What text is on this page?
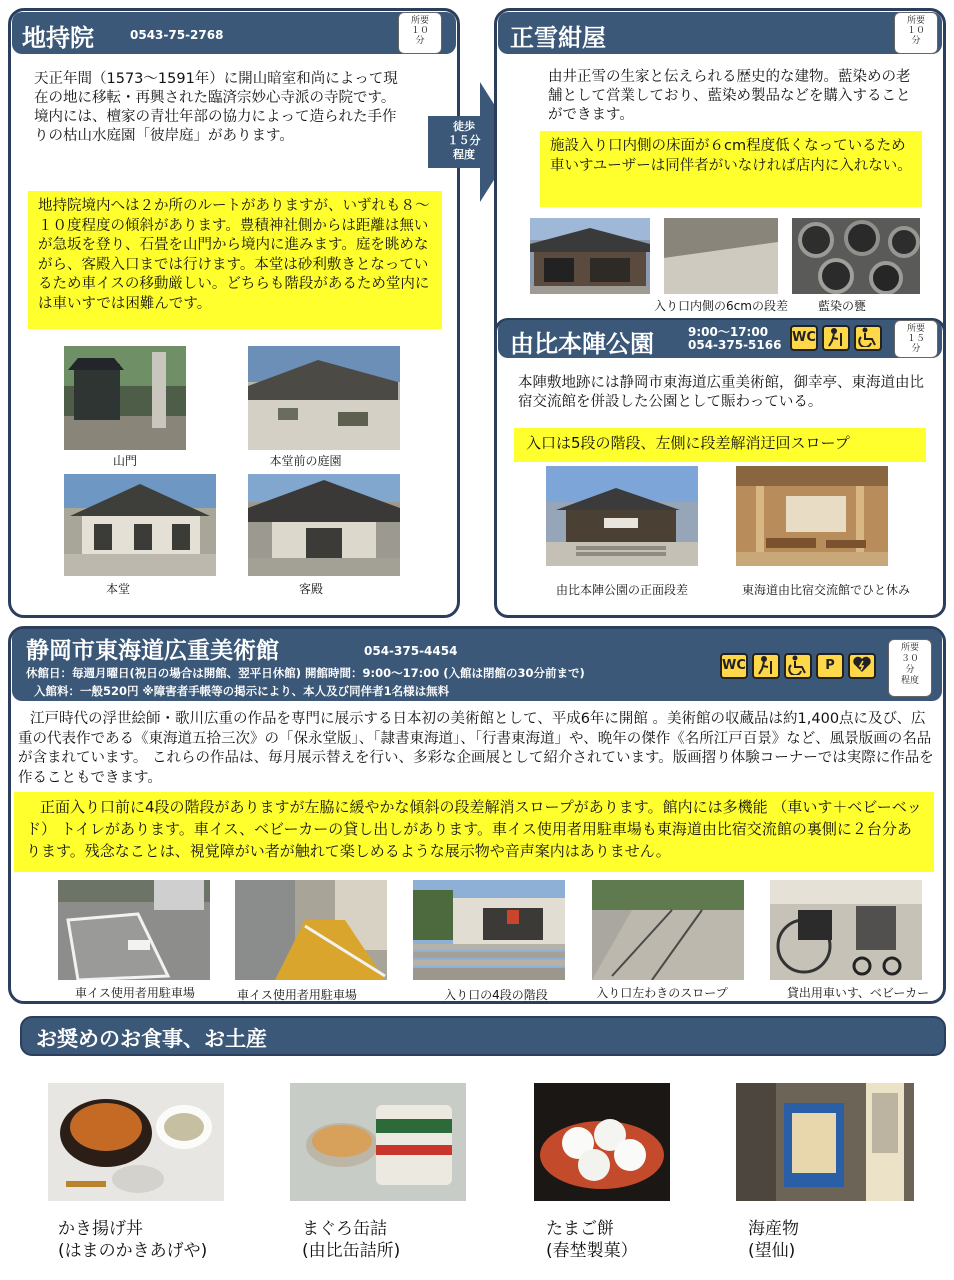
地持院	0543-75-2768
所要
１０
分
天正年間（1573～1591年）に開山暗室和尚によって現在の地に移転・再興された臨済宗妙心寺派の寺院です。境内には、檀家の青壮年部の協力によって造られた手作りの枯山水庭園「彼岸庭」があります。
地持院境内へは２か所のルートがありますが、いずれも８～１０度程度の傾斜があります。豊積神社側からは距離は無いが急坂を登り、石畳を山門から境内に進みます。庭を眺めながら、客殿入口までは行けます。本堂は砂利敷きとなっているため車イスの移動厳しい。どちらも階段があるため堂内には車いすでは困難んです。
山門	本堂前の庭園
本堂	客殿
徒歩
１５分
程度
正雪紺屋
所要
１０
分
由井正雪の生家と伝えられる歴史的な建物。藍染めの老舗として営業しており、藍染め製品などを購入することができます。
施設入り口内側の床面が６cm程度低くなっているため車いすユーザーは同伴者がいなければ店内に入れない。
入り口内側の6cmの段差	藍染の甕
由比本陣公園	9:00～17:00
054-375-5166 WC
所要
１５
分
本陣敷地跡には静岡市東海道広重美術館，御幸亭、東海道由比宿交流館を併設した公園として賑わっている。
入口は5段の階段、左側に段差解消迂回スロープ
由比本陣公園の正面段差	東海道由比宿交流館でひと休み
静岡市東海道広重美術館	054-375-4454
休館日：毎週月曜日(祝日の場合は開館、翌平日休館) 開館時間：9:00～17:00 (入館は閉館の30分前まで)
入館料：一般520円 ※障害者手帳等の掲示により、本人及び同伴者1名様は無料
WC	P
所要
３０
分
程度
江戸時代の浮世絵師・歌川広重の作品を専門に展示する日本初の美術館として、平成6年に開館 。美術館の収蔵品は約1,400点に及び、広重の代表作である《東海道五拾三次》の「保永堂版」、「隷書東海道」、「行書東海道」や、晩年の傑作《名所江戸百景》など、風景版画の名品が含まれています。 これらの作品は、毎月展示替えを行い、多彩な企画展として紹介されています。版画摺り体験コーナーでは実際に作品を作ることもできます。
正面入り口前に4段の階段がありますが左脇に緩やかな傾斜の段差解消スロープがあります。館内には多機能 （車いす＋ベビーベッド） トイレがあります。車イス、ベビーカーの貸し出しがあります。車イス使用者用駐車場も東海道由比宿交流館の裏側に２台分あります。残念なことは、視覚障がい者が触れて楽しめるような展示物や音声案内はありません。
車イス使用者用駐車場	車イス使用者用駐車場	入り口の4段の階段	入り口左わきのスロープ	貸出用車いす、ベビーカー
お奨めのお食事、お土産
かき揚げ丼
(はまのかきあげや)
まぐろ缶詰
(由比缶詰所)
たまご餅
(春埜製菓）
海産物
(望仙)
